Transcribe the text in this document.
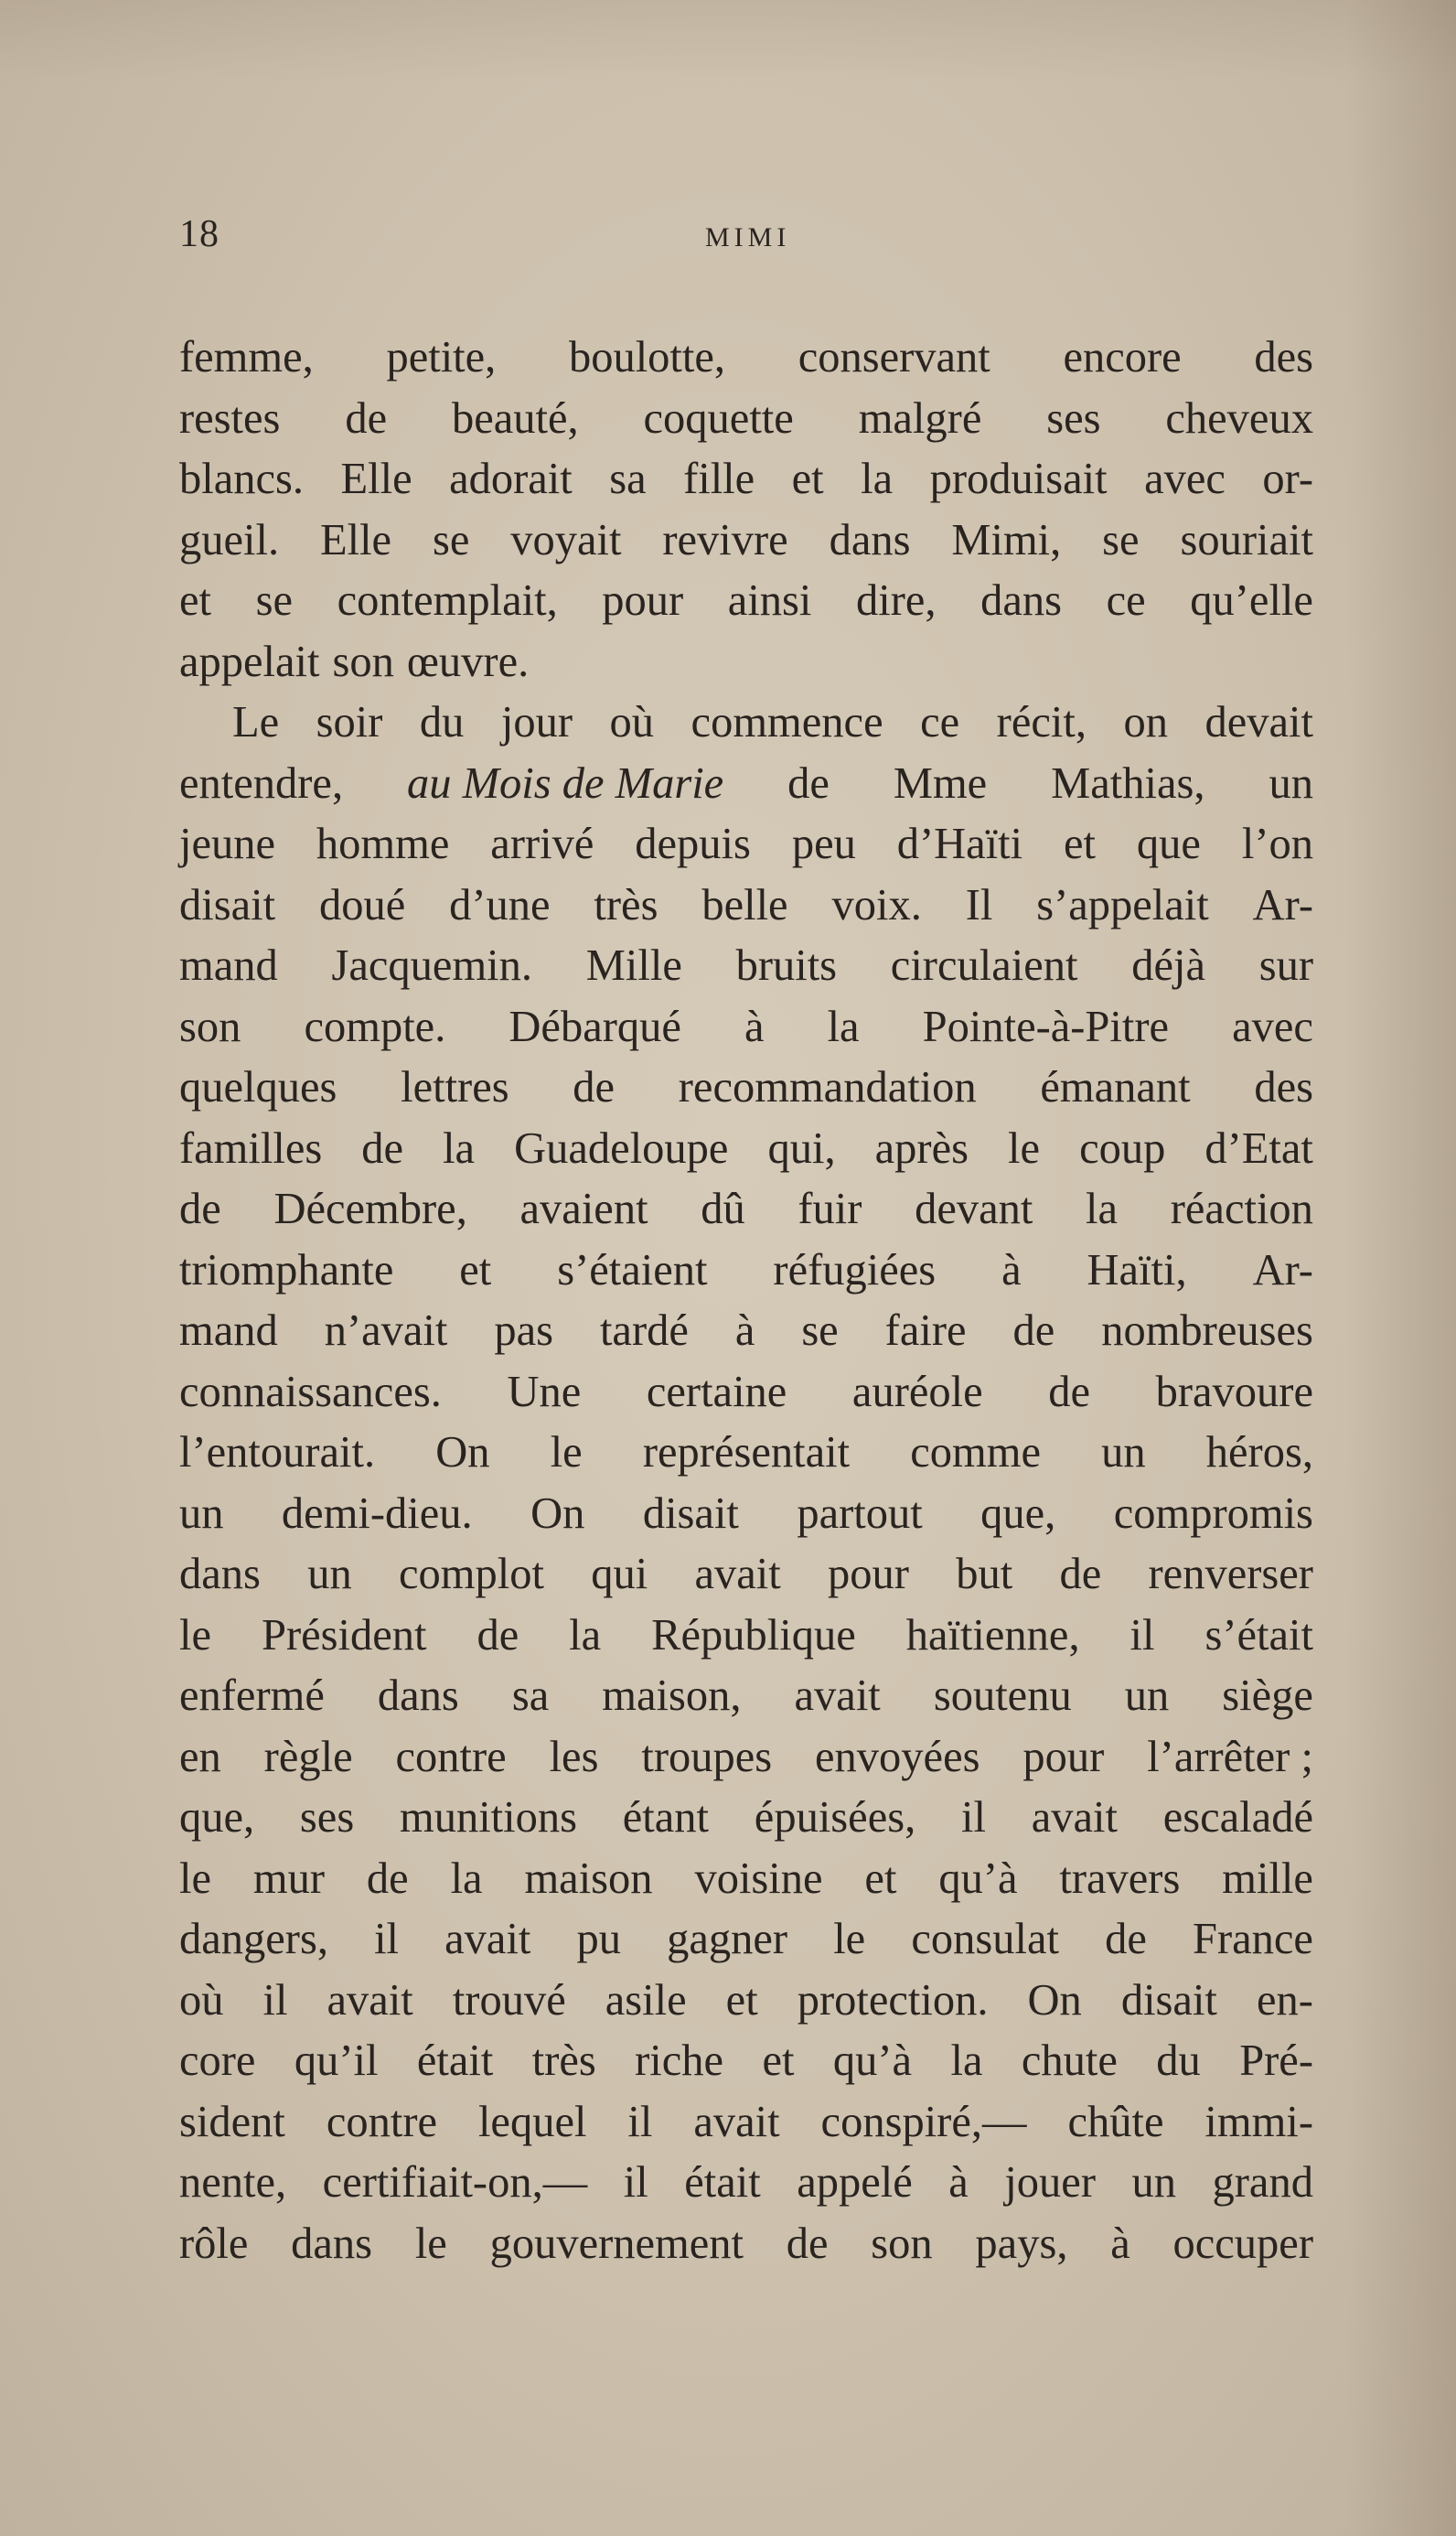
18	MIMI
femme, petite, boulotte, conservant encore des
restes de beauté, coquette malgré ses cheveux
blancs. Elle adorait sa fille et la produisait avec or-
gueil. Elle se voyait revivre dans Mimi, se souriait
et se contemplait, pour ainsi dire, dans ce qu’elle
appelait son œuvre.
Le soir du jour où commence ce récit, on devait
entendre, au Mois de Marie de Mme Mathias, un
jeune homme arrivé depuis peu d’Haïti et que l’on
disait doué d’une très belle voix. Il s’appelait Ar-
mand Jacquemin. Mille bruits circulaient déjà sur
son compte. Débarqué à la Pointe-à-Pitre avec
quelques lettres de recommandation émanant des
familles de la Guadeloupe qui, après le coup d’Etat
de Décembre, avaient dû fuir devant la réaction
triomphante et s’étaient réfugiées à Haïti, Ar-
mand n’avait pas tardé à se faire de nombreuses
connaissances. Une certaine auréole de bravoure
l’entourait. On le représentait comme un héros,
un demi-dieu. On disait partout que, compromis
dans un complot qui avait pour but de renverser
le Président de la République haïtienne, il s’était
enfermé dans sa maison, avait soutenu un siège
en règle contre les troupes envoyées pour l’arrêter ;
que, ses munitions étant épuisées, il avait escaladé
le mur de la maison voisine et qu’à travers mille
dangers, il avait pu gagner le consulat de France
où il avait trouvé asile et protection. On disait en-
core qu’il était très riche et qu’à la chute du Pré-
sident contre lequel il avait conspiré,— chûte immi-
nente, certifiait-on,— il était appelé à jouer un grand
rôle dans le gouvernement de son pays, à occuper
